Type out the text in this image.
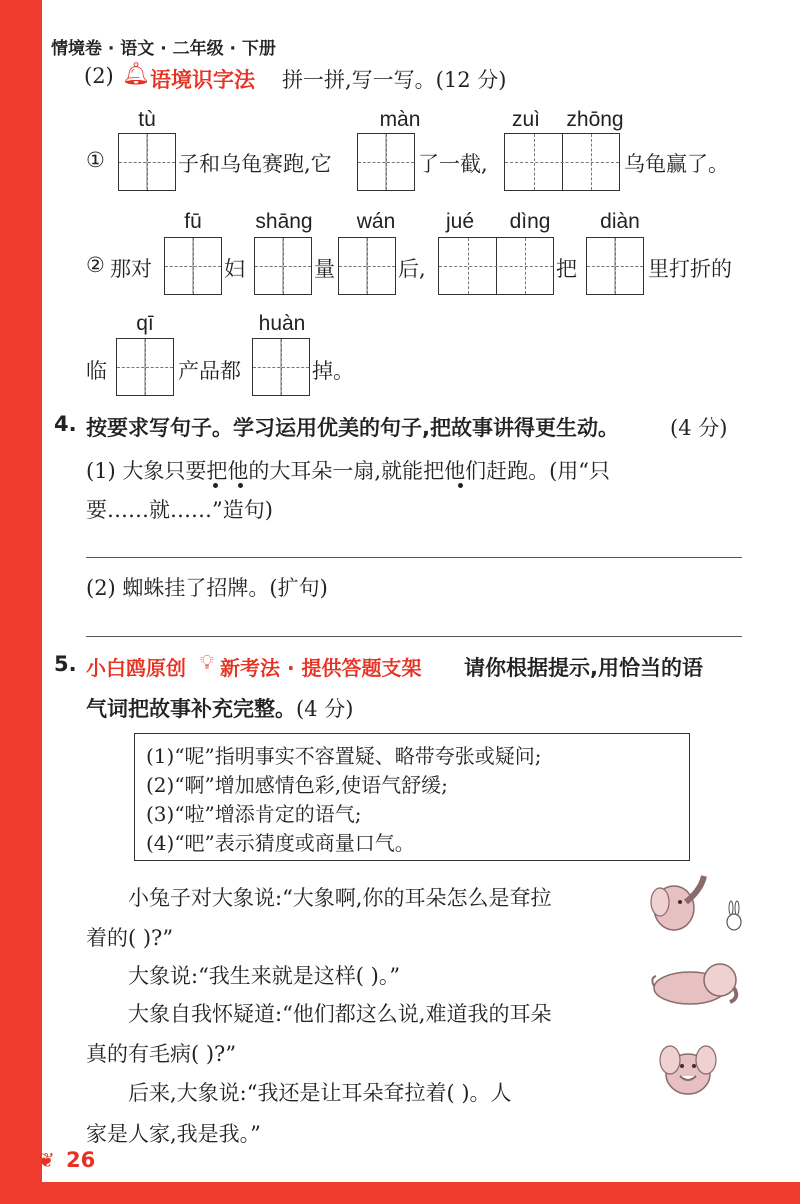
情境卷 · 语文 · 二年级 · 下册
(2) 🔔︎ 语境识字法 拼一拼,写一写。(12 分)
tù	màn	zuì	zhōng
①	子和乌龟赛跑,它	了一截,	乌龟赢了。
fū	shāng	wán	jué	dìng	diàn
② 那对	妇	量	后,	把	里打折的
qī	huàn
临	产品都	掉。
4. 按要求写句子。学习运用优美的句子,把故事讲得更生动。 (4 分)
(1) 大象只要把他的大耳朵一扇,就能把他们赶跑。(用“只
要……就……”造句)
(2) 蜘蛛挂了招牌。(扩句)
5. 小白鸥原创 💡︎ 新考法 · 提供答题支架 请你根据提示,用恰当的语
气词把故事补充完整。 (4 分)
(1)“呢”指明事实不容置疑、略带夸张或疑问;
(2)“啊”增加感情色彩,使语气舒缓;
(3)“啦”增添肯定的语气;
(4)“吧”表示猜度或商量口气。
小兔子对大象说:“大象啊,你的耳朵怎么是耷拉
着的( )?”
大象说:“我生来就是这样( )。”
大象自我怀疑道:“他们都这么说,难道我的耳朵
真的有毛病( )?”
后来,大象说:“我还是让耳朵耷拉着( )。人
家是人家,我是我。”
❦ 26
